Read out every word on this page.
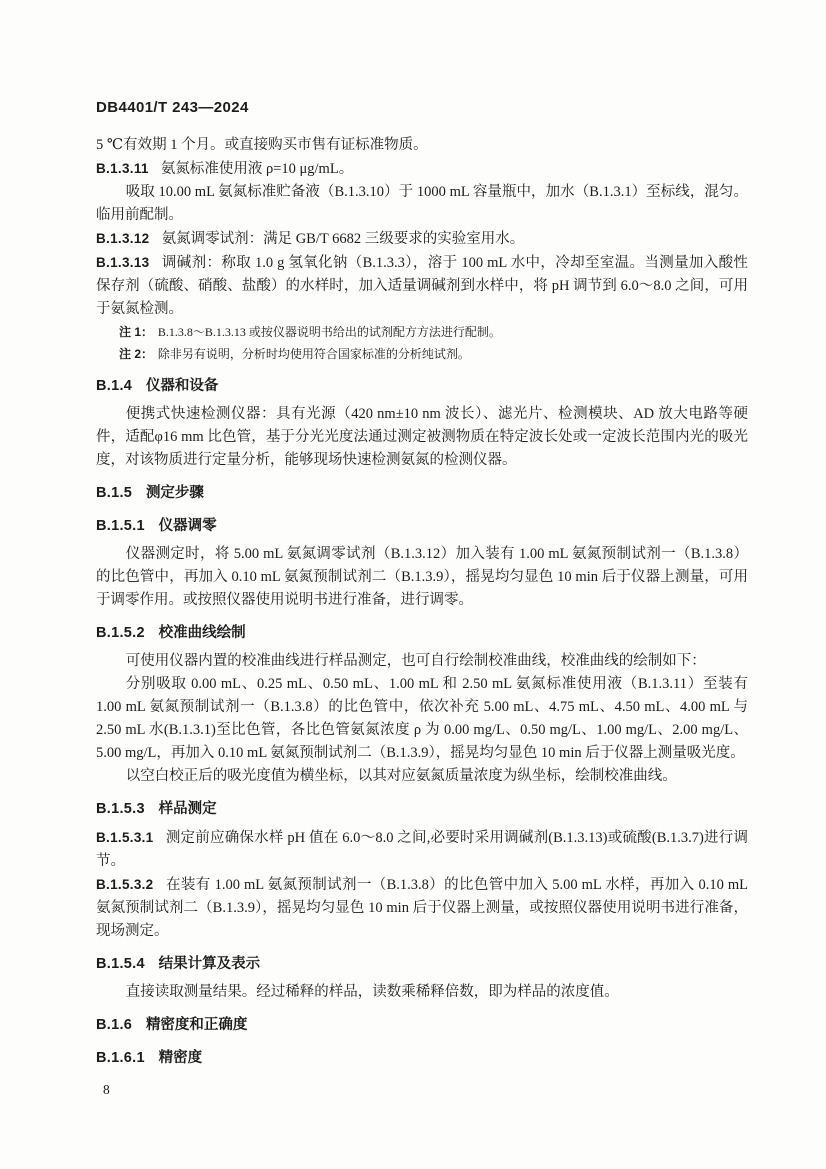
DB4401/T 243—2024

5 ℃有效期 1 个月。或直接购买市售有证标准物质。

B.1.3.11 氨氮标准使用液 ρ=10 μg/mL。

吸取 10.00 mL 氨氮标准贮备液（B.1.3.10）于 1000 mL 容量瓶中，加水（B.1.3.1）至标线，混匀。临用前配制。

B.1.3.12 氨氮调零试剂：满足 GB/T 6682 三级要求的实验室用水。

B.1.3.13 调碱剂：称取 1.0 g 氢氧化钠（B.1.3.3），溶于 100 mL 水中，冷却至室温。当测量加入酸性保存剂（硫酸、硝酸、盐酸）的水样时，加入适量调碱剂到水样中，将 pH 调节到 6.0～8.0 之间，可用于氨氮检测。

注 1： B.1.3.8～B.1.3.13 或按仪器说明书给出的试剂配方方法进行配制。

注 2： 除非另有说明，分析时均使用符合国家标准的分析纯试剂。

B.1.4 仪器和设备

便携式快速检测仪器：具有光源（420 nm±10 nm 波长）、滤光片、检测模块、AD 放大电路等硬件，适配φ16 mm 比色管，基于分光光度法通过测定被测物质在特定波长处或一定波长范围内光的吸光度，对该物质进行定量分析，能够现场快速检测氨氮的检测仪器。

B.1.5 测定步骤

B.1.5.1 仪器调零

仪器测定时，将 5.00 mL 氨氮调零试剂（B.1.3.12）加入装有 1.00 mL 氨氮预制试剂一（B.1.3.8）的比色管中，再加入 0.10 mL 氨氮预制试剂二（B.1.3.9），摇晃均匀显色 10 min 后于仪器上测量，可用于调零作用。或按照仪器使用说明书进行准备，进行调零。

B.1.5.2 校准曲线绘制

可使用仪器内置的校准曲线进行样品测定，也可自行绘制校准曲线，校准曲线的绘制如下：

分别吸取 0.00 mL、0.25 mL、0.50 mL、1.00 mL 和 2.50 mL 氨氮标准使用液（B.1.3.11）至装有 1.00 mL 氨氮预制试剂一（B.1.3.8）的比色管中，依次补充 5.00 mL、4.75 mL、4.50 mL、4.00 mL 与 2.50 mL 水(B.1.3.1)至比色管，各比色管氨氮浓度 ρ 为 0.00 mg/L、0.50 mg/L、1.00 mg/L、2.00 mg/L、5.00 mg/L，再加入 0.10 mL 氨氮预制试剂二（B.1.3.9），摇晃均匀显色 10 min 后于仪器上测量吸光度。

以空白校正后的吸光度值为横坐标，以其对应氨氮质量浓度为纵坐标，绘制校准曲线。

B.1.5.3 样品测定

B.1.5.3.1 测定前应确保水样 pH 值在 6.0～8.0 之间,必要时采用调碱剂(B.1.3.13)或硫酸(B.1.3.7)进行调节。

B.1.5.3.2 在装有 1.00 mL 氨氮预制试剂一（B.1.3.8）的比色管中加入 5.00 mL 水样，再加入 0.10 mL 氨氮预制试剂二（B.1.3.9），摇晃均匀显色 10 min 后于仪器上测量，或按照仪器使用说明书进行准备，现场测定。

B.1.5.4 结果计算及表示

直接读取测量结果。经过稀释的样品，读数乘稀释倍数，即为样品的浓度值。

B.1.6 精密度和正确度

B.1.6.1 精密度

8
